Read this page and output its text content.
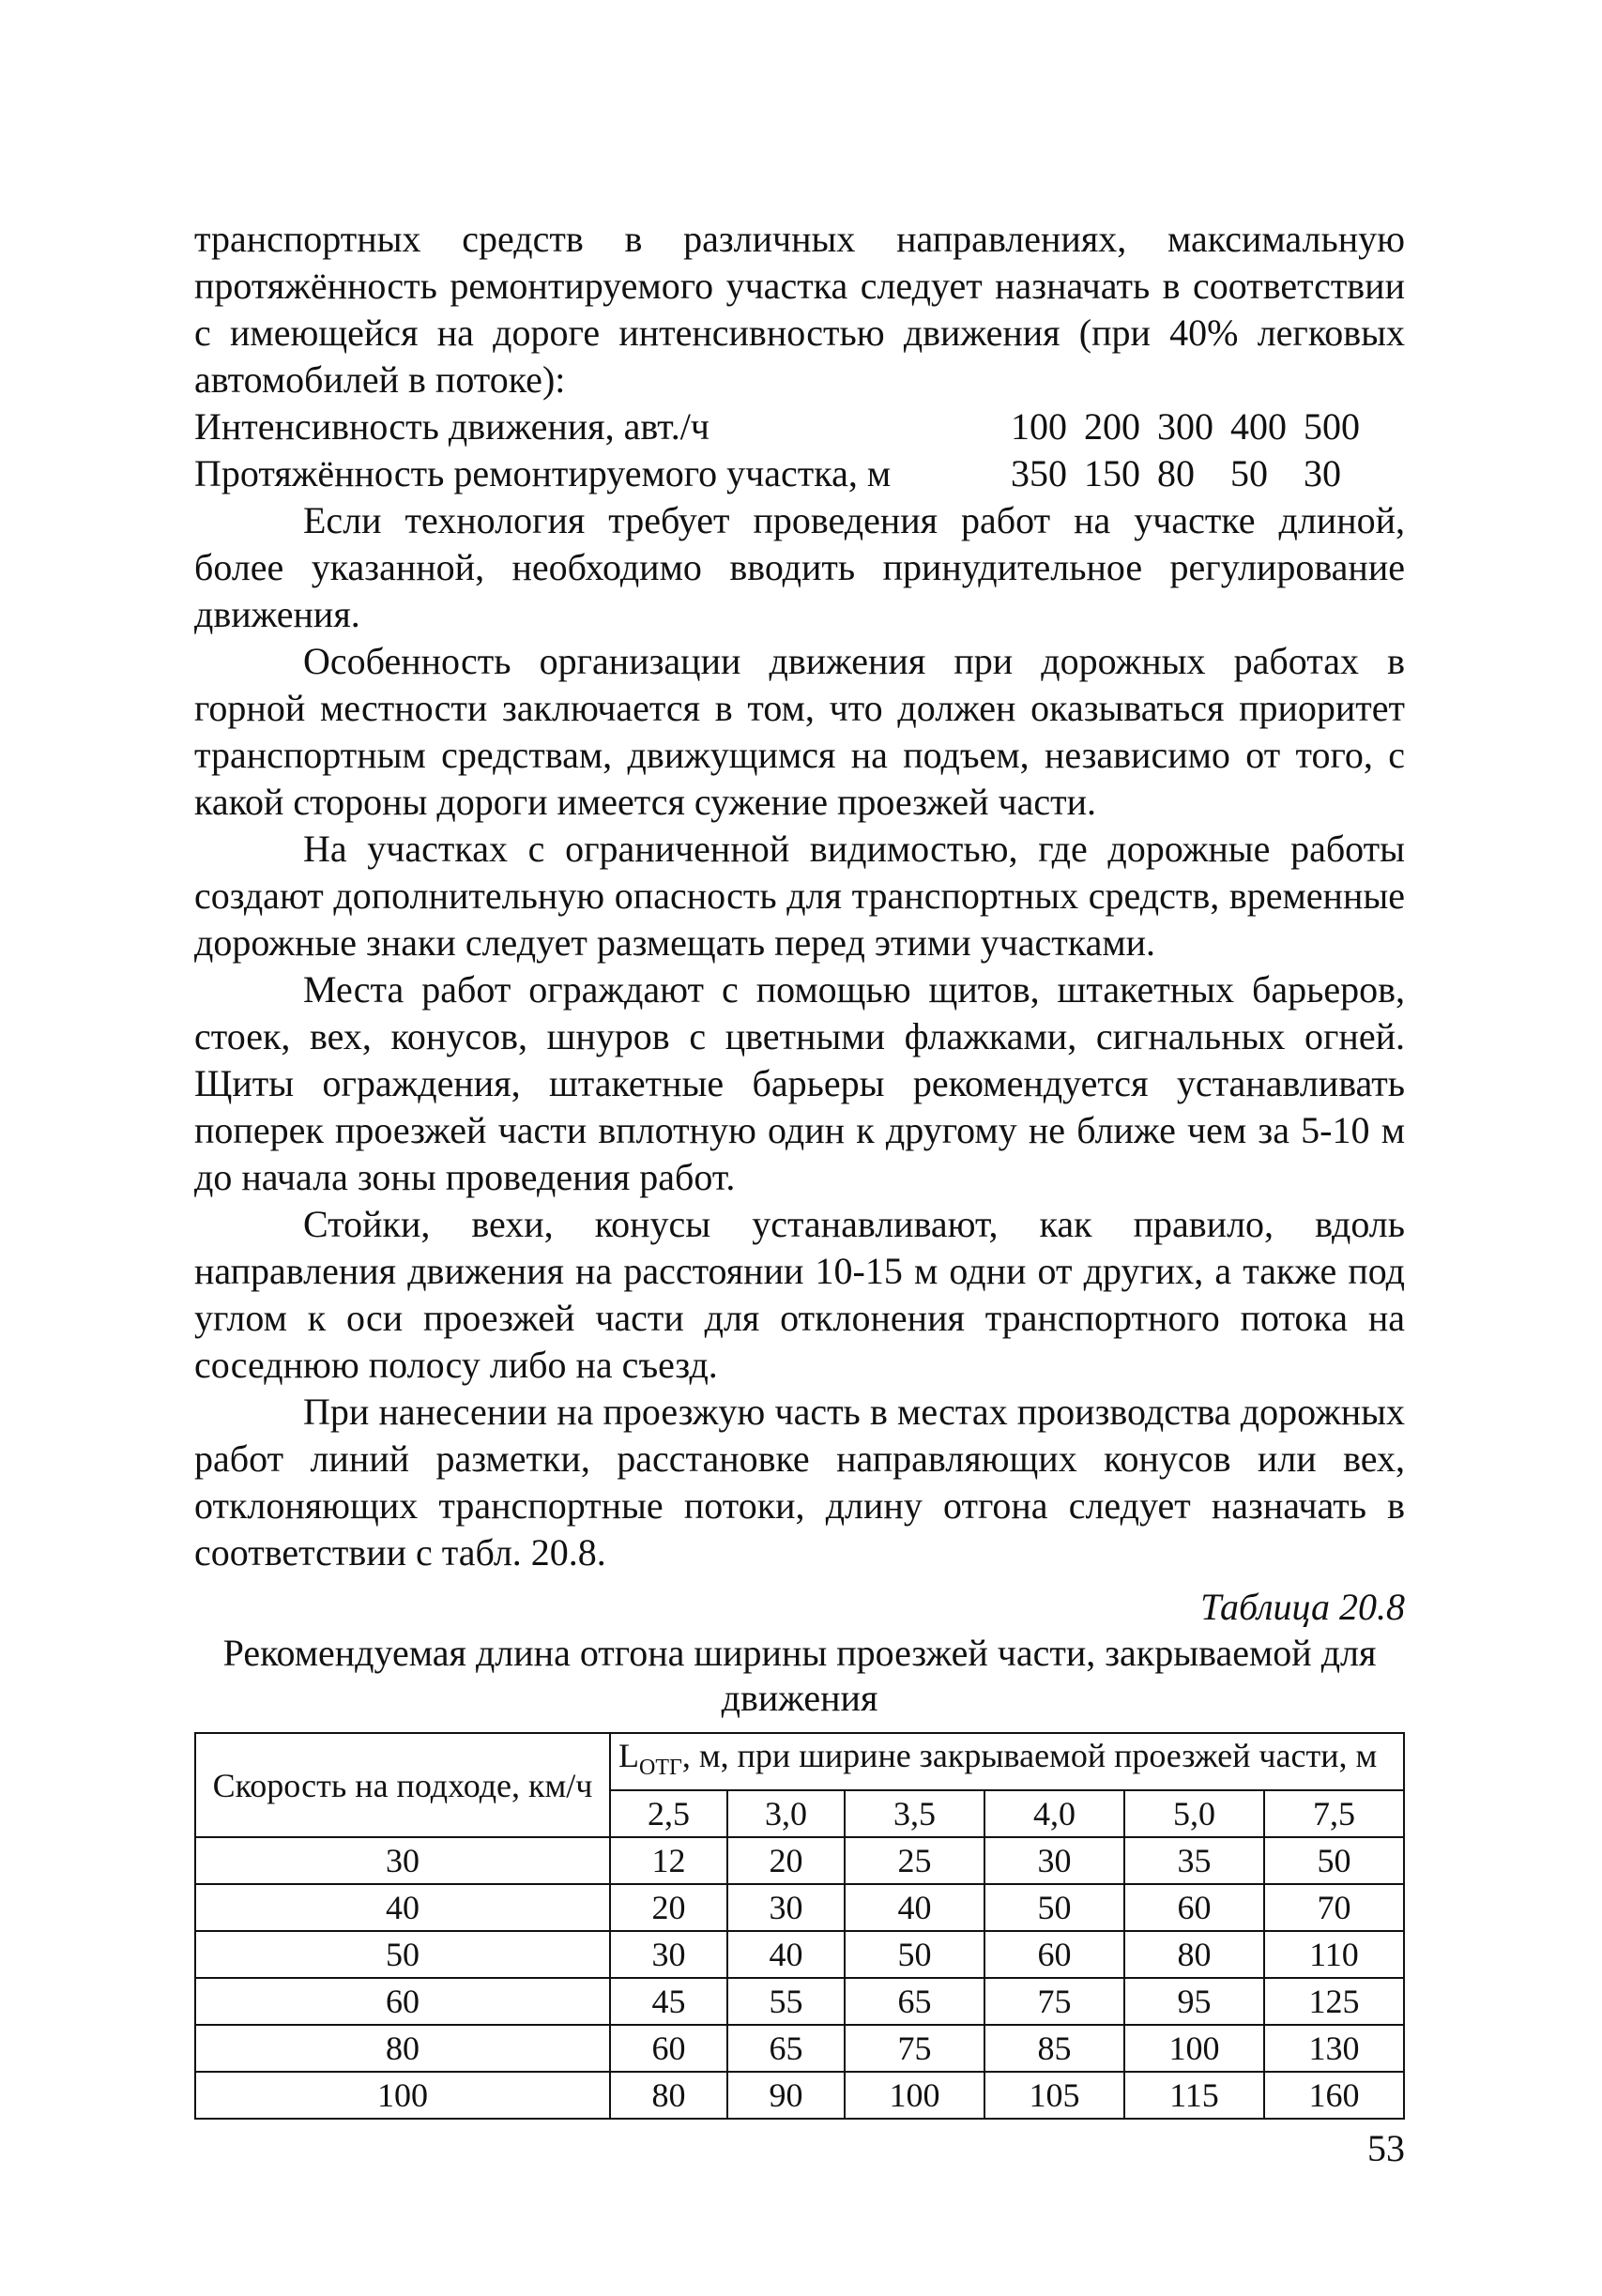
транспортных средств в различных направлениях, максимальную протяжённость ремонтируемого участка следует назначать в соответствии с имеющейся на дороге интенсивностью движения (при 40% легковых автомобилей в потоке):

Интенсивность движения, авт./ч	100 200 300 400 500
Протяжённость ремонтируемого участка, м	350 150 80 50 30

Если технология требует проведения работ на участке длиной, более указанной, необходимо вводить принудительное регулирование движения.

Особенность организации движения при дорожных работах в горной местности заключается в том, что должен оказываться приоритет транспортным средствам, движущимся на подъем, независимо от того, с какой стороны дороги имеется сужение проезжей части.

На участках с ограниченной видимостью, где дорожные работы создают дополнительную опасность для транспортных средств, временные дорожные знаки следует размещать перед этими участками.

Места работ ограждают с помощью щитов, штакетных барьеров, стоек, вех, конусов, шнуров с цветными флажками, сигнальных огней. Щиты ограждения, штакетные барьеры рекомендуется устанавливать поперек проезжей части вплотную один к другому не ближе чем за 5-10 м до начала зоны проведения работ.

Стойки, вехи, конусы устанавливают, как правило, вдоль направления движения на расстоянии 10-15 м одни от других, а также под углом к оси проезжей части для отклонения транспортного потока на соседнюю полосу либо на съезд.

При нанесении на проезжую часть в местах производства дорожных работ линий разметки, расстановке направляющих конусов или вех, отклоняющих транспортные потоки, длину отгона следует назначать в соответствии с табл. 20.8.

Таблица 20.8
Рекомендуемая длина отгона ширины проезжей части, закрываемой для движения
Скорость на подходе, км/ч	$L_{ОТГ}$, м, при ширине закрываемой проезжей части, м					
	2,5	3,0	3,5	4,0	5,0	7,5
30	12	20	25	30	35	50
40	20	30	40	50	60	70
50	30	40	50	60	80	110
60	45	55	65	75	95	125
80	60	65	75	85	100	130
100	80	90	100	105	115	160
53
